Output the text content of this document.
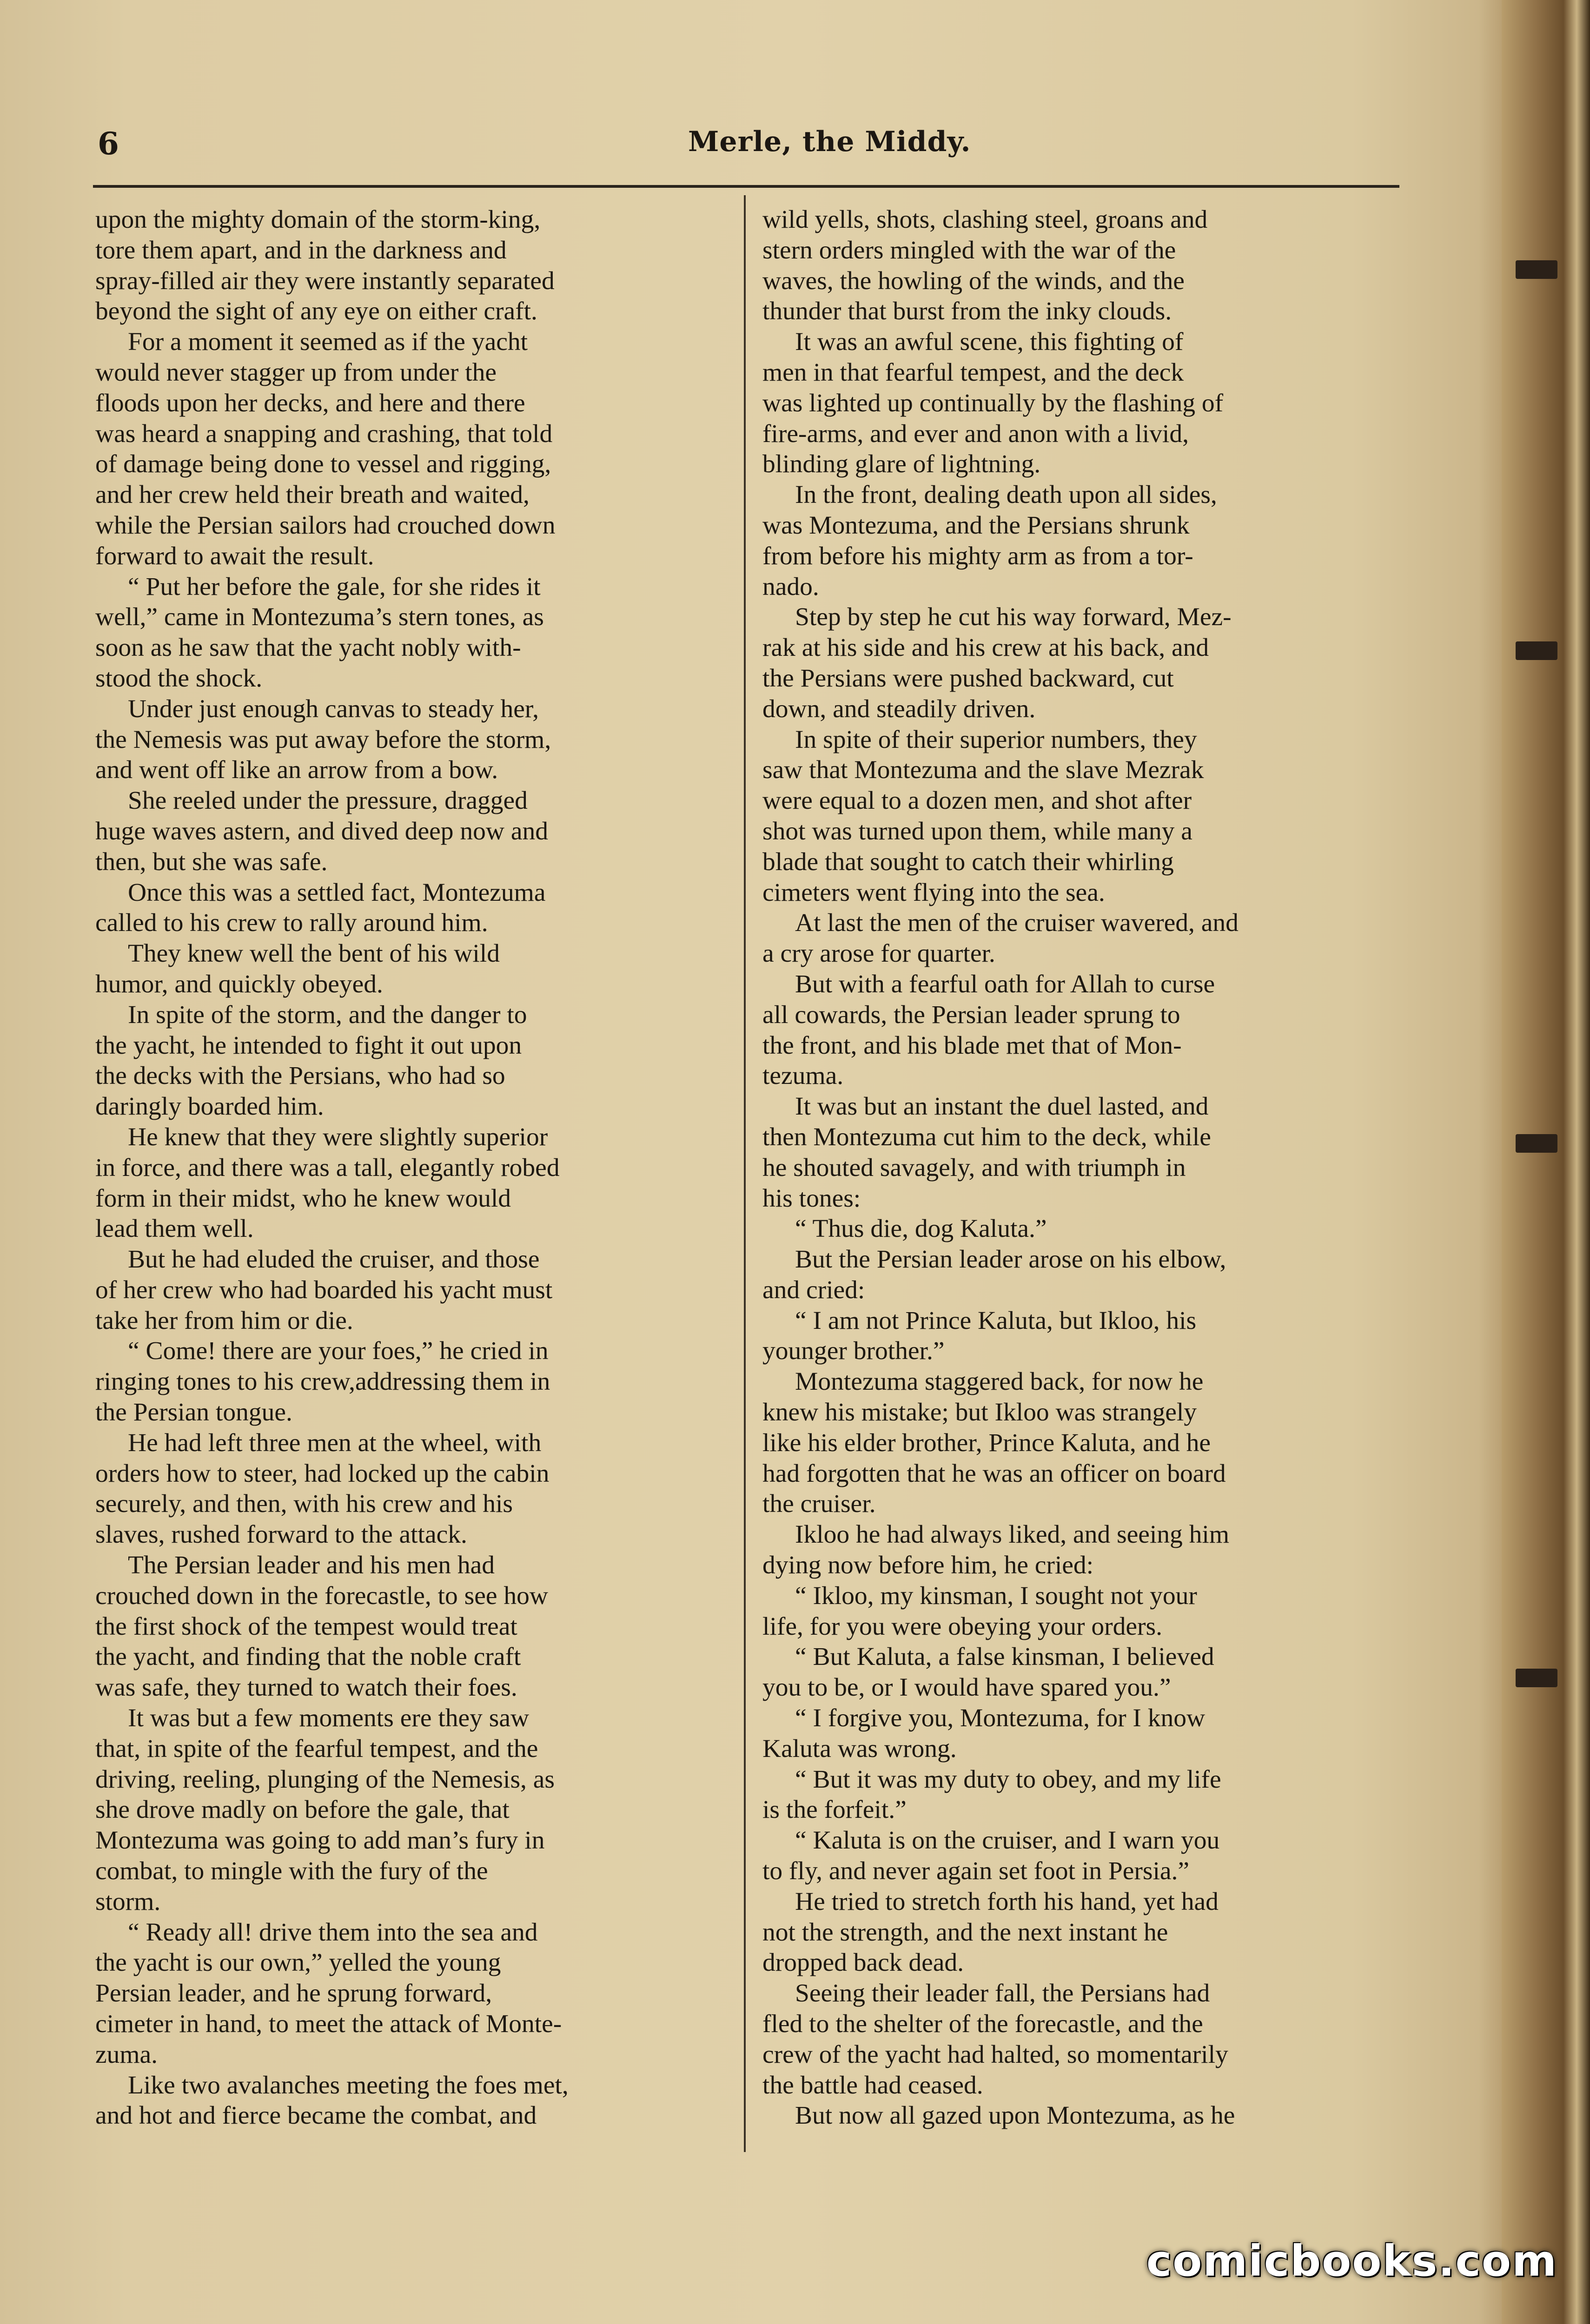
6	Merle, the Middy.

upon the mighty domain of the storm-king,
tore them apart, and in the darkness and
spray-filled air they were instantly separated
beyond the sight of any eye on either craft.

For a moment it seemed as if the yacht
would never stagger up from under the
floods upon her decks, and here and there
was heard a snapping and crashing, that told
of damage being done to vessel and rigging,
and her crew held their breath and waited,
while the Persian sailors had crouched down
forward to await the result.

“ Put her before the gale, for she rides it
well,” came in Montezuma’s stern tones, as
soon as he saw that the yacht nobly with-
stood the shock.

Under just enough canvas to steady her,
the Nemesis was put away before the storm,
and went off like an arrow from a bow.

She reeled under the pressure, dragged
huge waves astern, and dived deep now and
then, but she was safe.

Once this was a settled fact, Montezuma
called to his crew to rally around him.

They knew well the bent of his wild
humor, and quickly obeyed.

In spite of the storm, and the danger to
the yacht, he intended to fight it out upon
the decks with the Persians, who had so
daringly boarded him.

He knew that they were slightly superior
in force, and there was a tall, elegantly robed
form in their midst, who he knew would
lead them well.

But he had eluded the cruiser, and those
of her crew who had boarded his yacht must
take her from him or die.

“ Come! there are your foes,” he cried in
ringing tones to his crew,addressing them in
the Persian tongue.

He had left three men at the wheel, with
orders how to steer, had locked up the cabin
securely, and then, with his crew and his
slaves, rushed forward to the attack.

The Persian leader and his men had
crouched down in the forecastle, to see how
the first shock of the tempest would treat
the yacht, and finding that the noble craft
was safe, they turned to watch their foes.

It was but a few moments ere they saw
that, in spite of the fearful tempest, and the
driving, reeling, plunging of the Nemesis, as
she drove madly on before the gale, that
Montezuma was going to add man’s fury in
combat, to mingle with the fury of the
storm.

“ Ready all! drive them into the sea and
the yacht is our own,” yelled the young
Persian leader, and he sprung forward,
cimeter in hand, to meet the attack of Monte-
zuma.

Like two avalanches meeting the foes met,
and hot and fierce became the combat, and

wild yells, shots, clashing steel, groans and
stern orders mingled with the war of the
waves, the howling of the winds, and the
thunder that burst from the inky clouds.

It was an awful scene, this fighting of
men in that fearful tempest, and the deck
was lighted up continually by the flashing of
fire-arms, and ever and anon with a livid,
blinding glare of lightning.

In the front, dealing death upon all sides,
was Montezuma, and the Persians shrunk
from before his mighty arm as from a tor-
nado.

Step by step he cut his way forward, Mez-
rak at his side and his crew at his back, and
the Persians were pushed backward, cut
down, and steadily driven.

In spite of their superior numbers, they
saw that Montezuma and the slave Mezrak
were equal to a dozen men, and shot after
shot was turned upon them, while many a
blade that sought to catch their whirling
cimeters went flying into the sea.

At last the men of the cruiser wavered, and
a cry arose for quarter.

But with a fearful oath for Allah to curse
all cowards, the Persian leader sprung to
the front, and his blade met that of Mon-
tezuma.

It was but an instant the duel lasted, and
then Montezuma cut him to the deck, while
he shouted savagely, and with triumph in
his tones:

“ Thus die, dog Kaluta.”

But the Persian leader arose on his elbow,
and cried:

“ I am not Prince Kaluta, but Ikloo, his
younger brother.”

Montezuma staggered back, for now he
knew his mistake; but Ikloo was strangely
like his elder brother, Prince Kaluta, and he
had forgotten that he was an officer on board
the cruiser.

Ikloo he had always liked, and seeing him
dying now before him, he cried:

“ Ikloo, my kinsman, I sought not your
life, for you were obeying your orders.

“ But Kaluta, a false kinsman, I believed
you to be, or I would have spared you.”

“ I forgive you, Montezuma, for I know
Kaluta was wrong.

“ But it was my duty to obey, and my life
is the forfeit.”

“ Kaluta is on the cruiser, and I warn you
to fly, and never again set foot in Persia.”

He tried to stretch forth his hand, yet had
not the strength, and the next instant he
dropped back dead.

Seeing their leader fall, the Persians had
fled to the shelter of the forecastle, and the
crew of the yacht had halted, so momentarily
the battle had ceased.

But now all gazed upon Montezuma, as he

comicbooks.com
